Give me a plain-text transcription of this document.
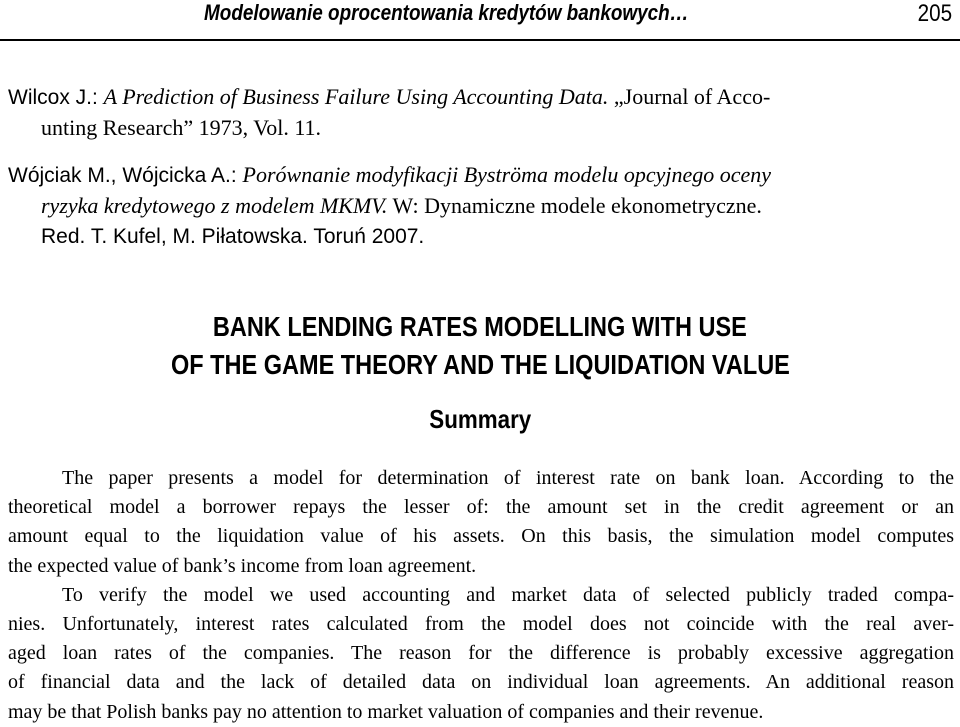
Modelowanie oprocentowania kredytów bankowych…	205
Wilcox J.: A Prediction of Business Failure Using Accounting Data. „Journal of Acco-
unting Research” 1973, Vol. 11.
Wójciak M., Wójcicka A.: Porównanie modyfikacji Byströma modelu opcyjnego oceny
ryzyka kredytowego z modelem MKMV. W: Dynamiczne modele ekonometryczne.
Red. T. Kufel, M. Piłatowska. Toruń 2007.
BANK LENDING RATES MODELLING WITH USE
OF THE GAME THEORY AND THE LIQUIDATION VALUE
Summary
The paper presents a model for determination of interest rate on bank loan. According to the
theoretical model a borrower repays the lesser of: the amount set in the credit agreement or an
amount equal to the liquidation value of his assets. On this basis, the simulation model computes
the expected value of bank’s income from loan agreement.
To verify the model we used accounting and market data of selected publicly traded compa-
nies. Unfortunately, interest rates calculated from the model does not coincide with the real aver-
aged loan rates of the companies. The reason for the difference is probably excessive aggregation
of financial data and the lack of detailed data on individual loan agreements. An additional reason
may be that Polish banks pay no attention to market valuation of companies and their revenue.
